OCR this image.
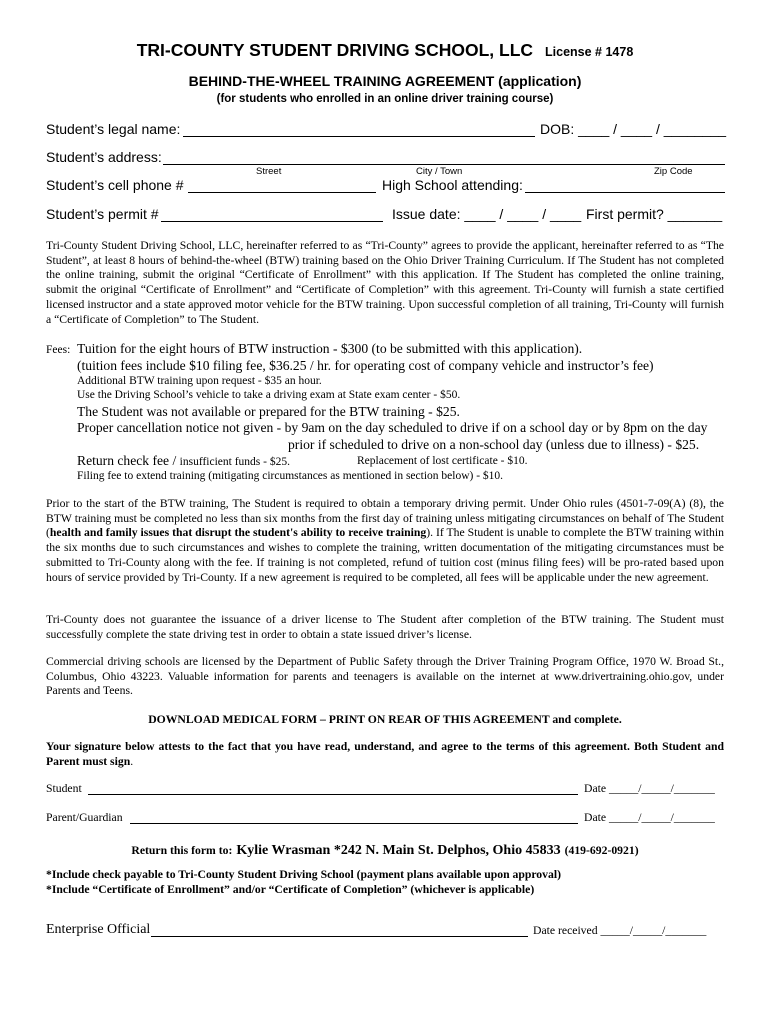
TRI-COUNTY STUDENT DRIVING SCHOOL, LLC License # 1478
BEHIND-THE-WHEEL TRAINING AGREEMENT (application)
(for students who enrolled in an online driver training course)
Student’s legal name:	DOB: ____ / ____ / ________
Student’s address:
Street	City / Town	Zip Code
Student’s cell phone #	High School attending:
Student’s permit #	Issue date: ____ / ____ / ____ First permit? _______

Tri-County Student Driving School, LLC, hereinafter referred to as “Tri-County” agrees to provide the applicant, hereinafter referred to as “The Student”, at least 8 hours of behind-the-wheel (BTW) training based on the Ohio Driver Training Curriculum. If The Student has not completed the online training, submit the original “Certificate of Enrollment” with this application. If The Student has completed the online training, submit the original “Certificate of Enrollment” and “Certificate of Completion” with this agreement. Tri-County will furnish a state certified licensed instructor and a state approved motor vehicle for the BTW training. Upon successful completion of all training, Tri-County will furnish a “Certificate of Completion” to The Student.

Fees: Tuition for the eight hours of BTW instruction - $300 (to be submitted with this application).
(tuition fees include $10 filing fee, $36.25 / hr. for operating cost of company vehicle and instructor’s fee)
Additional BTW training upon request - $35 an hour.
Use the Driving School’s vehicle to take a driving exam at State exam center - $50.
The Student was not available or prepared for the BTW training - $25.
Proper cancellation notice not given - by 9am on the day scheduled to drive if on a school day or by 8pm on the day
prior if scheduled to drive on a non-school day (unless due to illness) - $25.
Return check fee / insufficient funds - $25.	Replacement of lost certificate - $10.
Filing fee to extend training (mitigating circumstances as mentioned in section below) - $10.

Prior to the start of the BTW training, The Student is required to obtain a temporary driving permit. Under Ohio rules (4501-7-09(A) (8), the BTW training must be completed no less than six months from the first day of training unless mitigating circumstances on behalf of The Student (health and family issues that disrupt the student's ability to receive training). If The Student is unable to complete the BTW training within the six months due to such circumstances and wishes to complete the training, written documentation of the mitigating circumstances must be submitted to Tri-County along with the fee. If training is not completed, refund of tuition cost (minus filing fees) will be pro-rated based upon hours of service provided by Tri-County. If a new agreement is required to be completed, all fees will be applicable under the new agreement.

Tri-County does not guarantee the issuance of a driver license to The Student after completion of the BTW training. The Student must successfully complete the state driving test in order to obtain a state issued driver’s license.

Commercial driving schools are licensed by the Department of Public Safety through the Driver Training Program Office, 1970 W. Broad St., Columbus, Ohio 43223. Valuable information for parents and teenagers is available on the internet at www.drivertraining.ohio.gov, under Parents and Teens.

DOWNLOAD MEDICAL FORM – PRINT ON REAR OF THIS AGREEMENT and complete.

Your signature below attests to the fact that you have read, understand, and agree to the terms of this agreement. Both Student and Parent must sign.

Student	Date _____/_____/_______
Parent/Guardian	Date _____/_____/_______
Return this form to: Kylie Wrasman *242 N. Main St. Delphos, Ohio 45833 (419-692-0921)
*Include check payable to Tri-County Student Driving School (payment plans available upon approval)
*Include “Certificate of Enrollment” and/or “Certificate of Completion” (whichever is applicable)
Enterprise Official	Date received _____/_____/_______
